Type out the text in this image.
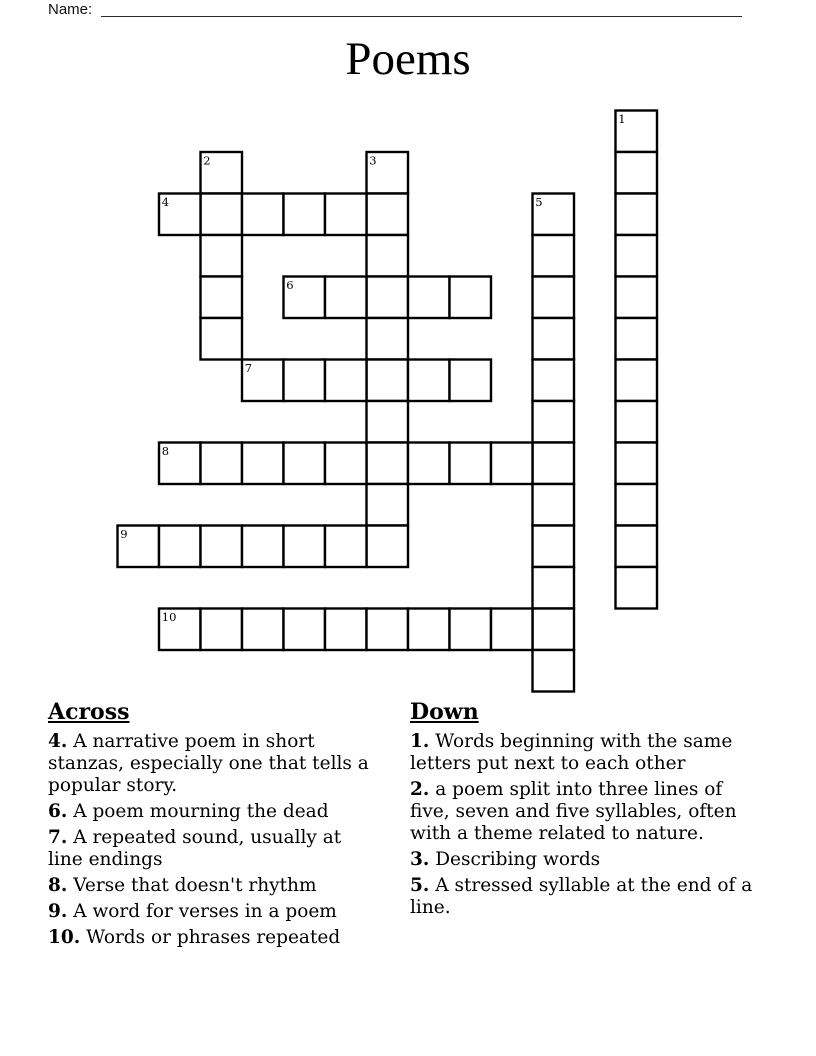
Name:
Poems
1
2	3
4	5
6
7
8
9
10

Across

4. A narrative poem in short stanzas, especially one that tells a popular story.

6. A poem mourning the dead

7. A repeated sound, usually at line endings

8. Verse that doesn't rhythm

9. A word for verses in a poem

10. Words or phrases repeated

Down

1. Words beginning with the same letters put next to each other

2. a poem split into three lines of five, seven and five syllables, often with a theme related to nature.

3. Describing words

5. A stressed syllable at the end of a line.
